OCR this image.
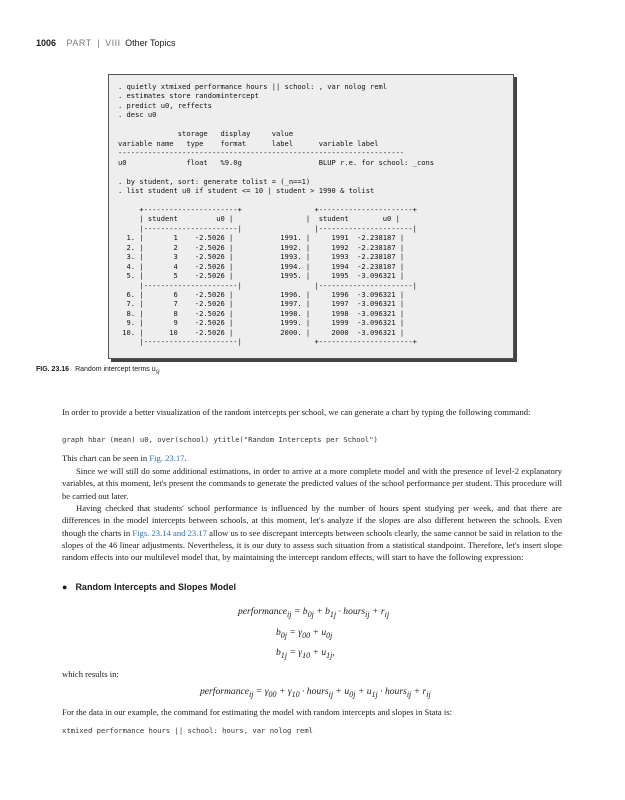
1006 PART | VIII Other Topics
. quietly xtmixed performance hours || school: , var nolog reml
. estimates store randomintercept
. predict u0, reffects
. desc u0

storage   display     value
variable name   type    format      label      variable label
-------------------------------------------------------------------
u0              float   %9.0g                  BLUP r.e. for school: _cons

. by student, sort: generate tolist = (_n==1)
. list student u0 if student <= 10 | student > 1990 & tolist

+----------------------+                 +----------------------+
| student         u0 |                 |  student        u0 |
|----------------------|                 |----------------------|
1. |       1    -2.5026 |           1991. |     1991  -2.238187 |
2. |       2    -2.5026 |           1992. |     1992  -2.238187 |
3. |       3    -2.5026 |           1993. |     1993  -2.238187 |
4. |       4    -2.5026 |           1994. |     1994  -2.238187 |
5. |       5    -2.5026 |           1995. |     1995  -3.096321 |
|----------------------|                 |----------------------|
6. |       6    -2.5026 |           1996. |     1996  -3.096321 |
7. |       7    -2.5026 |           1997. |     1997  -3.096321 |
8. |       8    -2.5026 |           1998. |     1998  -3.096321 |
9. |       9    -2.5026 |           1999. |     1999  -3.096321 |
10. |      10    -2.5026 |           2000. |     2000  -3.096321 |
|----------------------|                 +----------------------+

FIG. 23.16 Random intercept terms $u_{0j}$
In order to provide a better visualization of the random intercepts per school, we can generate a chart by typing the following command:
graph hbar (mean) u0, over(school) ytitle("Random Intercepts per School")
This chart can be seen in Fig. 23.17.
Since we will still do some additional estimations, in order to arrive at a more complete model and with the presence of level-2 explanatory variables, at this moment, let's present the commands to generate the predicted values of the school performance per student. This procedure will be carried out later.
Having checked that students' school performance is influenced by the number of hours spent studying per week, and that there are differences in the model intercepts between schools, at this moment, let's analyze if the slopes are also different between the schools. Even though the charts in Figs. 23.14 and 23.17 allow us to see discrepant intercepts between schools clearly, the same cannot be said in relation to the slopes of the 46 linear adjustments. Nevertheless, it is our duty to assess such situation from a statistical standpoint. Therefore, let's insert slope random effects into our multilevel model that, by maintaining the intercept random effects, will start to have the following expression:
● Random Intercepts and Slopes Model
performance$_{ij}$ = $b_{0j} + b_{1j}$ · hours$_{ij}$ + $r_{ij}$
$b_{0j} = \gamma_{00} + u_{0j}$
$b_{1j} = \gamma_{10} + u_{1j}$,
which results in:
performance$_{ij}$ = $\gamma_{00} + \gamma_{10}$ · hours$_{ij}$ + $u_{0j} + u_{1j}$ · hours$_{ij}$ + $r_{ij}$
For the data in our example, the command for estimating the model with random intercepts and slopes in Stata is:
xtmixed performance hours || school: hours, var nolog reml
